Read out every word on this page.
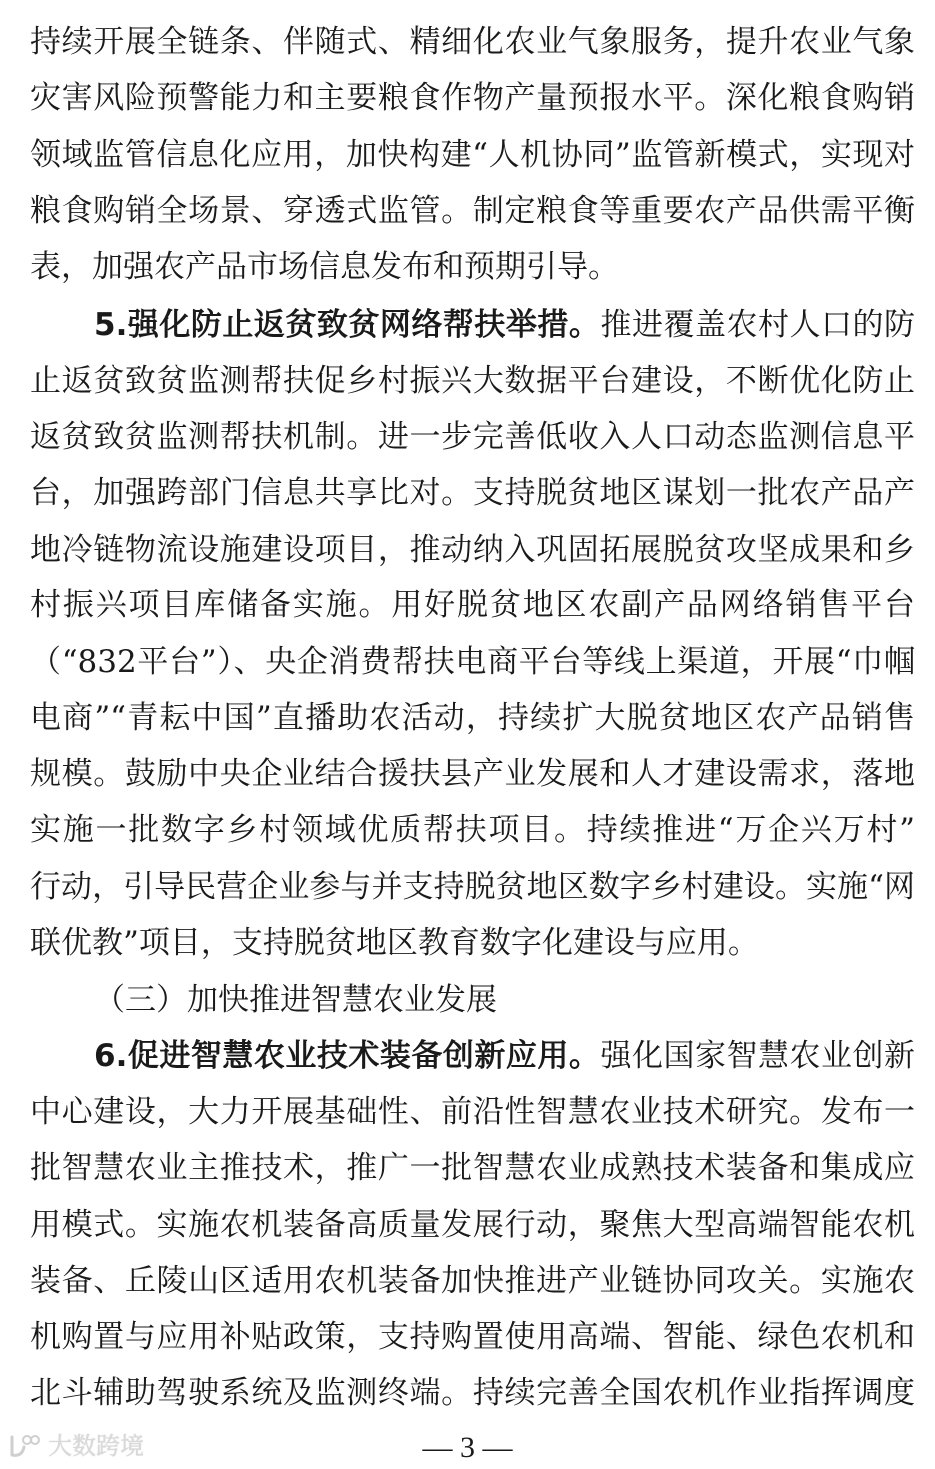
持续开展全链条、伴随式、精细化农业气象服务，提升农业气象
灾害风险预警能力和主要粮食作物产量预报水平。深化粮食购销
领域监管信息化应用，加快构建“人机协同”监管新模式，实现对
粮食购销全场景、穿透式监管。制定粮食等重要农产品供需平衡
表，加强农产品市场信息发布和预期引导。
5.强化防止返贫致贫网络帮扶举措。推进覆盖农村人口的防
止返贫致贫监测帮扶促乡村振兴大数据平台建设，不断优化防止
返贫致贫监测帮扶机制。进一步完善低收入人口动态监测信息平
台，加强跨部门信息共享比对。支持脱贫地区谋划一批农产品产
地冷链物流设施建设项目，推动纳入巩固拓展脱贫攻坚成果和乡
村振兴项目库储备实施。用好脱贫地区农副产品网络销售平台
（“832平台”）、央企消费帮扶电商平台等线上渠道，开展“巾帼
电商”“青耘中国”直播助农活动，持续扩大脱贫地区农产品销售
规模。鼓励中央企业结合援扶县产业发展和人才建设需求，落地
实施一批数字乡村领域优质帮扶项目。持续推进“万企兴万村”
行动，引导民营企业参与并支持脱贫地区数字乡村建设。实施“网
联优教”项目，支持脱贫地区教育数字化建设与应用。
（三）加快推进智慧农业发展
6.促进智慧农业技术装备创新应用。强化国家智慧农业创新
中心建设，大力开展基础性、前沿性智慧农业技术研究。发布一
批智慧农业主推技术，推广一批智慧农业成熟技术装备和集成应
用模式。实施农机装备高质量发展行动，聚焦大型高端智能农机
装备、丘陵山区适用农机装备加快推进产业链协同攻关。实施农
机购置与应用补贴政策，支持购置使用高端、智能、绿色农机和
北斗辅助驾驶系统及监测终端。持续完善全国农机作业指挥调度
大数跨境	— 3 —
